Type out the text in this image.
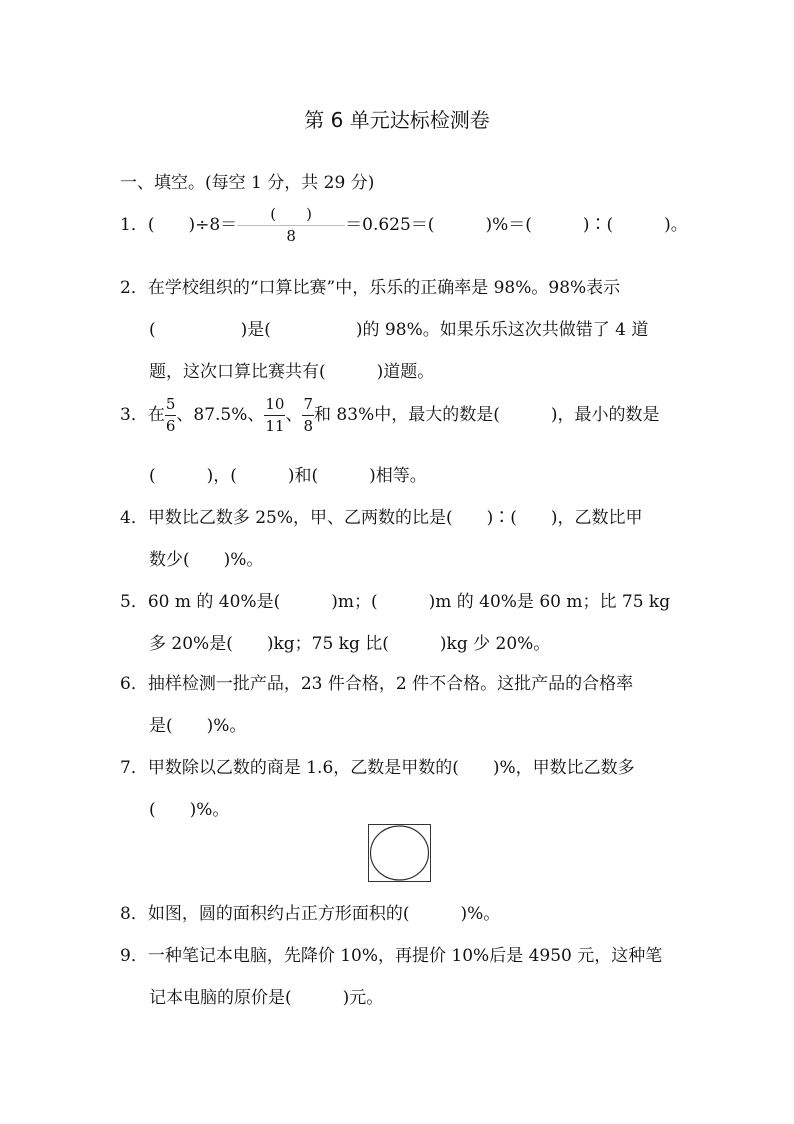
第 6 单元达标检测卷
一、填空。(每空 1 分，共 29 分)
1．(　　)$\div 8= \frac{( )}{8} =0.625=$(　　　)%＝(　　　)∶(　　　)。
2．在学校组织的“口算比赛”中，乐乐的正确率是 98%。98%表示
(　　　　　)是(　　　　　)的 98%。如果乐乐这次共做错了 4 道
题，这次口算比赛共有(　　　)道题。
3．在 $\frac{5}{6}$ 、87.5%、 $\frac{10}{11}$ 、 $\frac{7}{8}$ 和 83%中，最大的数是(　　　)，最小的数是
(　　　)，(　　　)和(　　　)相等。
4．甲数比乙数多 25%，甲、乙两数的比是(　　)∶(　　)，乙数比甲
数少(　　)%。
5．60 m 的 40%是(　　　)m；(　　　)m 的 40%是 60 m；比 75 kg
多 20%是(　　)kg；75 kg 比(　　　)kg 少 20%。
6．抽样检测一批产品，23 件合格，2 件不合格。这批产品的合格率
是(　　)%。
7．甲数除以乙数的商是 1.6，乙数是甲数的(　　)%，甲数比乙数多
(　　)%。
8．如图，圆的面积约占正方形面积的(　　　)%。
9．一种笔记本电脑，先降价 10%，再提价 10%后是 4950 元，这种笔
记本电脑的原价是(　　　)元。
